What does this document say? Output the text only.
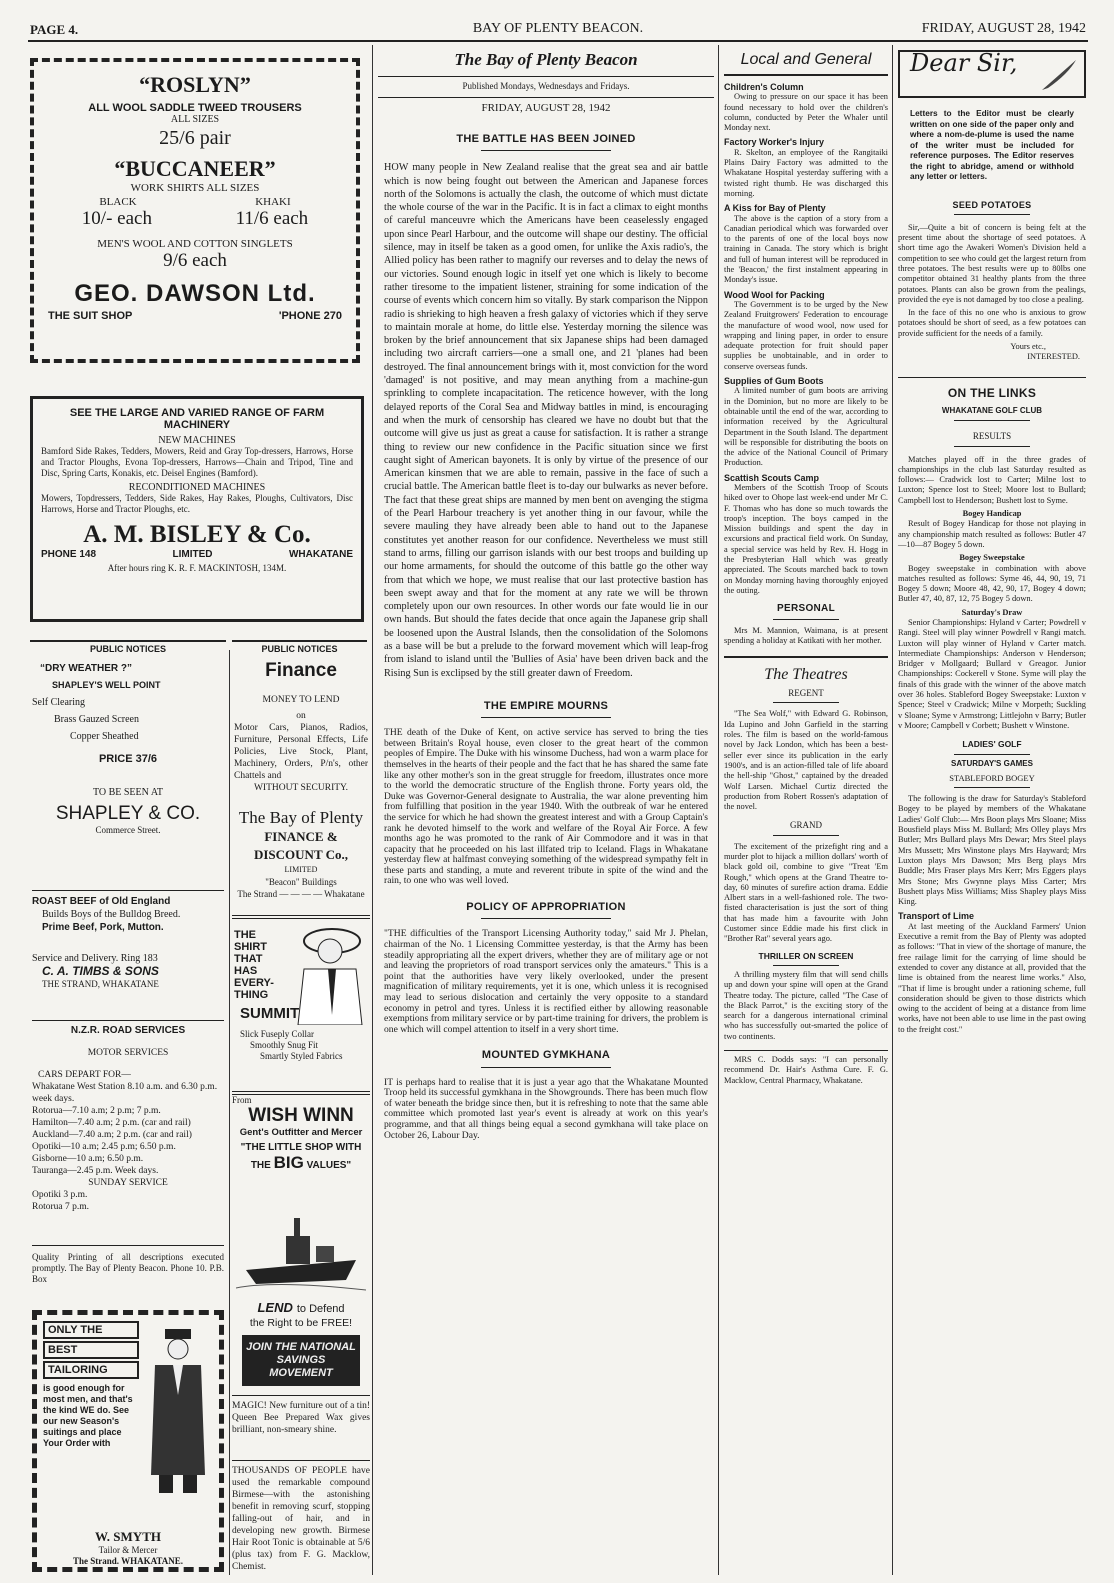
PAGE 4.	BAY OF PLENTY BEACON.	FRIDAY, AUGUST 28, 1942
“ROSLYN”
ALL WOOL SADDLE TWEED TROUSERS
ALL SIZES
25/6 pair
“BUCCANEER”
WORK SHIRTS ALL SIZES
BLACK	KHAKI
10/- each	11/6 each
MEN'S WOOL AND COTTON SINGLETS
9/6 each
GEO. DAWSON Ltd.
THE SUIT SHOP	'PHONE 270
SEE THE LARGE AND VARIED RANGE OF FARM MACHINERY
NEW MACHINES
Bamford Side Rakes, Tedders, Mowers, Reid and Gray Top-dressers, Harrows, Horse and Tractor Ploughs, Evona Top-dressers, Harrows—Chain and Tripod, Tine and Disc, Spring Carts, Konakis, etc. Deisel Engines (Bamford).
RECONDITIONED MACHINES
Mowers, Topdressers, Tedders, Side Rakes, Hay Rakes, Ploughs, Cultivators, Disc Harrows, Horse and Tractor Ploughs, etc.
A. M. BISLEY & Co.
PHONE 148	LIMITED	WHAKATANE
After hours ring K. R. F. MACKINTOSH, 134M.
PUBLIC NOTICES	PUBLIC NOTICES
“DRY WEATHER ?”
SHAPLEY'S WELL POINT
Self Clearing
Brass Gauzed Screen
Copper Sheathed
PRICE 37/6
TO BE SEEN AT
SHAPLEY & CO.
Commerce Street.
ROAST BEEF of Old England
Builds Boys of the Bulldog Breed.
Prime Beef, Pork, Mutton.
Service and Delivery. Ring 183
C. A. TIMBS & SONS
THE STRAND, WHAKATANE
N.Z.R. ROAD SERVICES
MOTOR SERVICES
CARS DEPART FOR—
Whakatane West Station 8.10 a.m. and 6.30 p.m. week days.
Rotorua—7.10 a.m; 2 p.m; 7 p.m.
Hamilton—7.40 a.m; 2 p.m. (car and rail)
Auckland—7.40 a.m; 2 p.m. (car and rail)
Opotiki—10 a.m; 2.45 p.m; 6.50 p.m.
Gisborne—10 a.m; 6.50 p.m.
Tauranga—2.45 p.m. Week days.
SUNDAY SERVICE
Opotiki 3 p.m.
Rotorua 7 p.m.
Quality Printing of all descriptions executed promptly. The Bay of Plenty Beacon. Phone 10. P.B. Box
ONLY THE
BEST
TAILORING
is good enough for most men, and that's the kind WE do. See our new Season's suitings and place Your Order with
W. SMYTH
Tailor & Mercer
The Strand. WHAKATANE.
Finance
MONEY TO LEND
on
Motor Cars, Pianos, Radios, Furniture, Personal Effects, Life Policies, Live Stock, Plant, Machinery, Orders, P/n's, other Chattels and
WITHOUT SECURITY.
The Bay of Plenty
FINANCE & DISCOUNT Co.,
LIMITED
"Beacon" Buildings
The Strand — — — — Whakatane
THE
SHIRT
THAT
HAS
EVERY-
THING
SUMMIT
Slick Fuseply Collar
Smoothly Snug Fit
Smartly Styled Fabrics
From
WISH WINN
Gent's Outfitter and Mercer
"THE LITTLE SHOP WITH
THE BIG VALUES"
LEND to Defend
the Right to be FREE!
JOIN THE NATIONAL SAVINGS MOVEMENT
MAGIC! New furniture out of a tin! Queen Bee Prepared Wax gives brilliant, non-smeary shine.
THOUSANDS OF PEOPLE have used the remarkable compound Birmese—with the astonishing benefit in removing scurf, stopping falling-out of hair, and in developing new growth. Birmese Hair Root Tonic is obtainable at 5/6 (plus tax) from F. G. Macklow, Chemist.
The Bay of Plenty Beacon
Published Mondays, Wednesdays and Fridays.
FRIDAY, AUGUST 28, 1942
THE BATTLE HAS BEEN JOINED

HOW many people in New Zealand realise that the great sea and air battle which is now being fought out between the American and Japanese forces north of the Solomons is actually the clash, the outcome of which must dictate the whole course of the war in the Pacific. It is in fact a climax to eight months of careful manceuvre which the Americans have been ceaselessly engaged upon since Pearl Harbour, and the outcome will shape our destiny. The official silence, may in itself be taken as a good omen, for unlike the Axis radio's, the Allied policy has been rather to magnify our reverses and to delay the news of our victories. Sound enough logic in itself yet one which is likely to become rather tiresome to the impatient listener, straining for some indication of the course of events which concern him so vitally. By stark comparison the Nippon radio is shrieking to high heaven a fresh galaxy of victories which if they serve to maintain morale at home, do little else. Yesterday morning the silence was broken by the brief announcement that six Japanese ships had been damaged including two aircraft carriers—one a small one, and 21 'planes had been destroyed. The final announcement brings with it, most conviction for the word 'damaged' is not positive, and may mean anything from a machine-gun sprinkling to complete incapacitation. The reticence however, with the long delayed reports of the Coral Sea and Midway battles in mind, is encouraging and when the murk of censorship has cleared we have no doubt but that the outcome will give us just as great a cause for satisfaction. It is rather a strange thing to review our new confidence in the Pacific situation since we first caught sight of American bayonets. It is only by virtue of the presence of our American kinsmen that we are able to remain, passive in the face of such a crucial battle. The American battle fleet is to-day our bulwarks as never before. The fact that these great ships are manned by men bent on avenging the stigma of the Pearl Harbour treachery is yet another thing in our favour, while the severe mauling they have already been able to hand out to the Japanese constitutes yet another reason for our confidence. Nevertheless we must still stand to arms, filling our garrison islands with our best troops and building up our home armaments, for should the outcome of this battle go the other way from that which we hope, we must realise that our last protective bastion has been swept away and that for the moment at any rate we will be thrown completely upon our own resources. In other words our fate would lie in our own hands. But should the fates decide that once again the Japanese grip shall be loosened upon the Austral Islands, then the consolidation of the Solomons as a base will be but a prelude to the forward movement which will leap-frog from island to island until the 'Bullies of Asia' have been driven back and the Rising Sun is exclipsed by the still greater dawn of Freedom.

THE EMPIRE MOURNS

THE death of the Duke of Kent, on active service has served to bring the ties between Britain's Royal house, even closer to the great heart of the common peoples of Empire. The Duke with his winsome Duchess, had won a warm place for themselves in the hearts of their people and the fact that he has shared the same fate like any other mother's son in the great struggle for freedom, illustrates once more to the world the democratic structure of the English throne. Forty years old, the Duke was Governor-General designate to Australia, the war alone preventing him from fulfilling that position in the year 1940. With the outbreak of war he entered the service for which he had shown the greatest interest and with a Group Captain's rank he devoted himself to the work and welfare of the Royal Air Force. A few months ago he was promoted to the rank of Air Commodore and it was in that capacity that he proceeded on his last illfated trip to Iceland. Flags in Whakatane yesterday flew at halfmast conveying something of the widespread sympathy felt in these parts and standing, a mute and reverent tribute in spite of the wind and the rain, to one who was well loved.

POLICY OF APPROPRIATION

"THE difficulties of the Transport Licensing Authority today," said Mr J. Phelan, chairman of the No. 1 Licensing Committee yesterday, is that the Army has been steadily appropriating all the expert drivers, whether they are of military age or not and leaving the proprietors of road transport services only the amateurs." This is a point that the authorities have very likely overlooked, under the present magnification of military requirements, yet it is one, which unless it is recognised may lead to serious dislocation and certainly the very opposite to a standard economy in petrol and tyres. Unless it is rectified either by allowing reasonable exemptions from military service or by part-time training for drivers, the problem is one which will compel attention to itself in a very short time.

MOUNTED GYMKHANA

IT is perhaps hard to realise that it is just a year ago that the Whakatane Mounted Troop held its successful gymkhana in the Showgrounds. There has been much flow of water beneath the bridge since then, but it is refreshing to note that the same able committee which promoted last year's event is already at work on this year's programme, and that all things being equal a second gymkhana will take place on October 26, Labour Day.

Local and General
Children's Column

Owing to pressure on our space it has been found necessary to hold over the children's column, conducted by Peter the Whaler until Monday next.

Factory Worker's Injury

R. Skelton, an employee of the Rangitaiki Plains Dairy Factory was admitted to the Whakatane Hospital yesterday suffering with a twisted right thumb. He was discharged this morning.

A Kiss for Bay of Plenty

The above is the caption of a story from a Canadian periodical which was forwarded over to the parents of one of the local boys now training in Canada. The story which is bright and full of human interest will be reproduced in the 'Beacon,' the first instalment appearing in Monday's issue.

Wood Wool for Packing

The Government is to be urged by the New Zealand Fruitgrowers' Federation to encourage the manufacture of wood wool, now used for wrapping and lining paper, in order to ensure adequate protection for fruit should paper supplies be unobtainable, and in order to conserve overseas funds.

Supplies of Gum Boots

A limited number of gum boots are arriving in the Dominion, but no more are likely to be obtainable until the end of the war, according to information received by the Agricultural Department in the South Island. The department will be responsible for distributing the boots on the advice of the National Council of Primary Production.

Scattish Scouts Camp

Members of the Scottish Troop of Scouts hiked over to Ohope last week-end under Mr C. F. Thomas who has done so much towards the troop's inception. The boys camped in the Mission buildings and spent the day in excursions and practical field work. On Sunday, a special service was held by Rev. H. Hogg in the Presbyterian Hall which was greatly appreciated. The Scouts marched back to town on Monday morning having thoroughly enjoyed the outing.

PERSONAL

Mrs M. Mannion, Waimana, is at present spending a holiday at Katikati with her mother.

The Theatres
REGENT

"The Sea Wolf," with Edward G. Robinson, Ida Lupino and John Garfield in the starring roles. The film is based on the world-famous novel by Jack London, which has been a best-seller ever since its publication in the early 1900's, and is an action-filled tale of life aboard the hell-ship "Ghost," captained by the dreaded Wolf Larsen. Michael Curtiz directed the production from Robert Rossen's adaptation of the novel.

GRAND

The excitement of the prizefight ring and a murder plot to hijack a million dollars' worth of black gold oil, combine to give "Treat 'Em Rough," which opens at the Grand Theatre to-day, 60 minutes of surefire action drama. Eddie Albert stars in a well-fashioned role. The two-fisted characterisation is just the sort of thing that has made him a favourite with John Customer since Eddie made his first click in "Brother Rat" several years ago.

THRILLER ON SCREEN

A thrilling mystery film that will send chills up and down your spine will open at the Grand Theatre today. The picture, called "The Case of the Black Parrot," is the exciting story of the search for a dangerous international criminal who has successfully out-smarted the police of two continents.

MRS C. Dodds says: "I can personally recommend Dr. Hair's Asthma Cure. F. G. Macklow, Central Pharmacy, Whakatane.

Dear Sir,

Letters to the Editor must be clearly written on one side of the paper only and where a nom-de-plume is used the name of the writer must be included for reference purposes. The Editor reserves the right to abridge, amend or withhold any letter or letters.

SEED POTATOES

Sir,—Quite a bit of concern is being felt at the present time about the shortage of seed potatoes. A short time ago the Awakeri Women's Division held a competition to see who could get the largest return from three potatoes. The best results were up to 80lbs one competitor obtained 31 healthy plants from the three potatoes. Plants can also be grown from the pealings, provided the eye is not damaged by too close a pealing.

In the face of this no one who is anxious to grow potatoes should be short of seed, as a few potatoes can provide sufficient for the needs of a family.

Yours etc.,
INTERESTED.
ON THE LINKS
WHAKATANE GOLF CLUB
RESULTS

Matches played off in the three grades of championships in the club last Saturday resulted as follows:— Cradwick lost to Carter; Milne lost to Luxton; Spence lost to Steel; Moore lost to Bullard; Campbell lost to Henderson; Bushett lost to Syme.

Bogey Handicap

Result of Bogey Handicap for those not playing in any championship match resulted as follows: Butler 47—10—87 Bogey 5 down.

Bogey Sweepstake

Bogey sweepstake in combination with above matches resulted as follows: Syme 46, 44, 90, 19, 71 Bogey 5 down; Moore 48, 42, 90, 17, Bogey 4 down; Butler 47, 40, 87, 12, 75 Bogey 5 down.

Saturday's Draw

Senior Championships: Hyland v Carter; Powdrell v Rangi. Steel will play winner Powdrell v Rangi match. Luxton will play winner of Hyland v Carter match. Intermediate Championships: Anderson v Henderson; Bridger v Mollgaard; Bullard v Greagor. Junior Championships: Cockerell v Stone. Syme will play the finals of this grade with the winner of the above match over 36 holes. Stableford Bogey Sweepstake: Luxton v Spence; Steel v Cradwick; Milne v Morpeth; Suckling v Sloane; Syme v Armstrong; Littlejohn v Barry; Butler v Moore; Campbell v Corbett; Bushett v Winstone.

LADIES' GOLF
SATURDAY'S GAMES
STABLEFORD BOGEY

The following is the draw for Saturday's Stableford Bogey to be played by members of the Whakatane Ladies' Golf Club:— Mrs Boon plays Mrs Sloane; Miss Bousfield plays Miss M. Bullard; Mrs Olley plays Mrs Butler; Mrs Bullard plays Mrs Dewar; Mrs Steel plays Mrs Mussett; Mrs Winstone plays Mrs Hayward; Mrs Luxton plays Mrs Dawson; Mrs Berg plays Mrs Buddle; Mrs Fraser plays Mrs Kerr; Mrs Eggers plays Mrs Stone; Mrs Gwynne plays Miss Carter; Mrs Bushett plays Miss Williams; Miss Shapley plays Miss King.

Transport of Lime

At last meeting of the Auckland Farmers' Union Executive a remit from the Bay of Plenty was adopted as follows: "That in view of the shortage of manure, the free railage limit for the carrying of lime should be extended to cover any distance at all, provided that the lime is obtained from the nearest lime works." Also, "That if lime is brought under a rationing scheme, full consideration should be given to those districts which owing to the accident of being at a distance from lime works, have not been able to use lime in the past owing to the freight cost."
